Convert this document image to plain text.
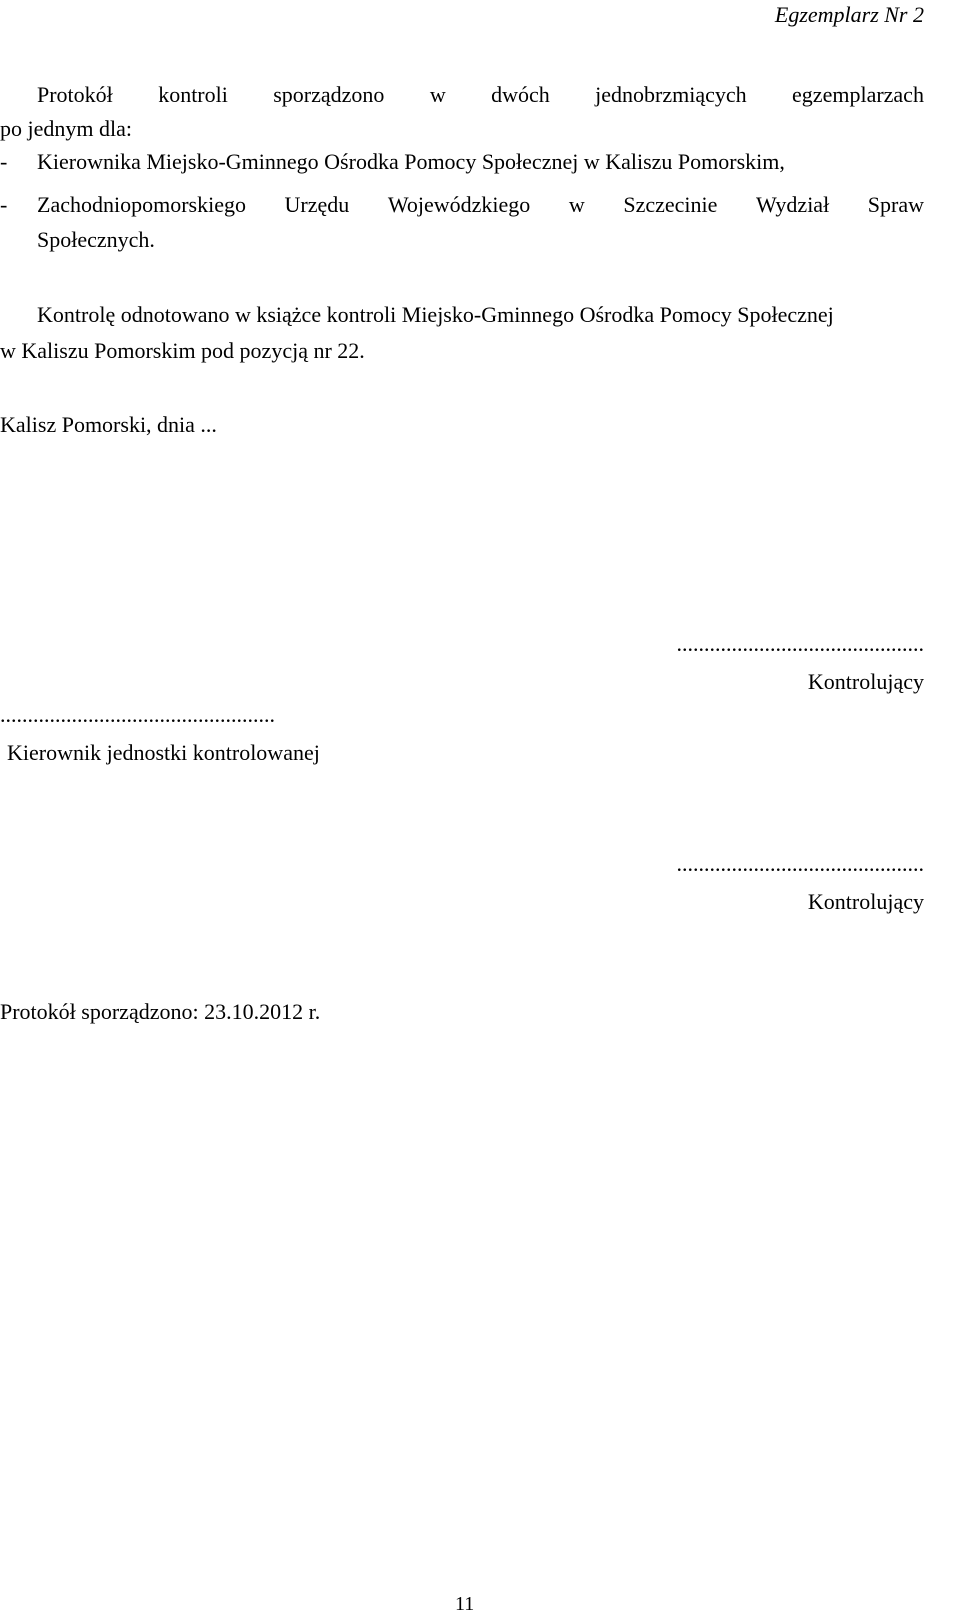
Egzemplarz Nr 2
Protokół kontroli sporządzono w dwóch jednobrzmiących egzemplarzach
po jednym dla:
- Kierownika Miejsko-Gminnego Ośrodka Pomocy Społecznej w Kaliszu Pomorskim,
- Zachodniopomorskiego Urzędu Wojewódzkiego w Szczecinie Wydział Spraw
Społecznych.
Kontrolę odnotowano w książce kontroli Miejsko-Gminnego Ośrodka Pomocy Społecznej
w Kaliszu Pomorskim pod pozycją nr 22.
Kalisz Pomorski, dnia ...
.............................................
Kontrolujący
..................................................
Kierownik jednostki kontrolowanej
.............................................
Kontrolujący
Protokół sporządzono: 23.10.2012 r.
11
